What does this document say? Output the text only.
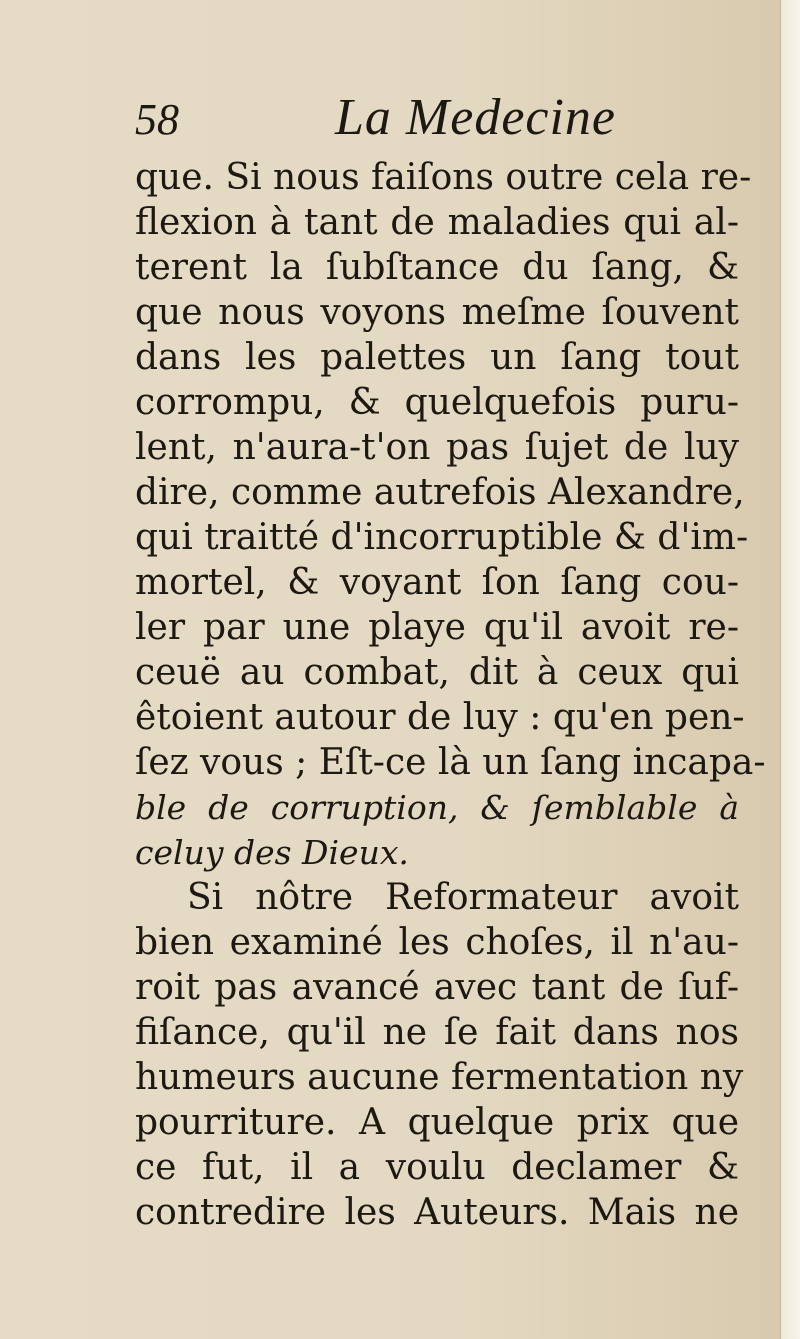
58	La Medecine
que. Si nous faiſons outre cela re-
flexion à tant de maladies qui al-
terent la ſubſtance du ſang, &
que nous voyons meſme ſouvent
dans les palettes un ſang tout
corrompu, & quelquefois puru-
lent, n'aura-t'on pas ſujet de luy
dire, comme autrefois Alexandre,
qui traitté d'incorruptible & d'im-
mortel, & voyant ſon ſang cou-
ler par une playe qu'il avoit re-
ceuë au combat, dit à ceux qui
êtoient autour de luy : qu'en pen-
ſez vous ; Eſt-ce là un ſang incapa-
ble de corruption, & ſemblable à
celuy des Dieux.
Si nôtre Reformateur avoit
bien examiné les choſes, il n'au-
roit pas avancé avec tant de ſuf-
fiſance, qu'il ne ſe fait dans nos
humeurs aucune fermentation ny
pourriture. A quelque prix que
ce fut, il a voulu declamer &
contredire les Auteurs. Mais ne
